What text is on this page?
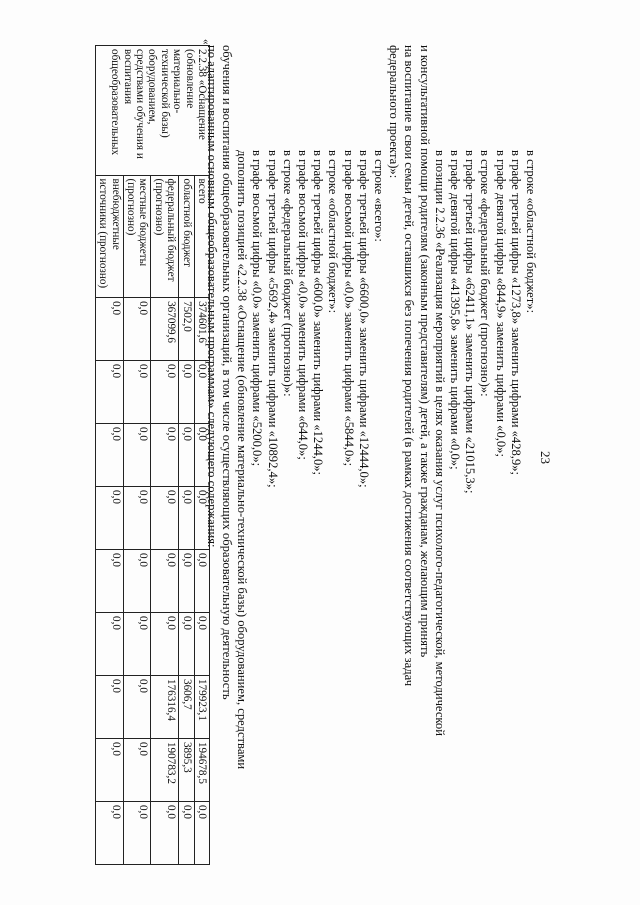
23
в строке «областной бюджет»:
в графе третьей цифры «1273,8» заменить цифрами «428,9»;
в графе девятой цифры «844,9» заменить цифрами «0,0»;
в строке «федеральный бюджет (прогнозно)»:
в графе третьей цифры «62411,1» заменить цифрами «21015,3»;
в графе девятой цифры «41395,8» заменить цифрами «0,0»;
в позиции 2.2.36 «Реализация мероприятий в целях оказания услуг психолого-педагогической, методической
и консультативной помощи родителям (законным представителям) детей, а также гражданам, желающим принять
на воспитание в свои семьи детей, оставшихся без попечения родителей (в рамках достижения соответствующих задач
федерального проекта)»:
в строке «всего»:
в графе третьей цифры «6600,0» заменить цифрами «12444,0»;
в графе восьмой цифры «0,0» заменить цифрами «5844,0»;
в строке «областной бюджет»:
в графе третьей цифры «600,0» заменить цифрами «1244,0»;
в графе восьмой цифры «0,0» заменить цифрами «644,0»;
в строке «федеральный бюджет (прогнозно)»:
в графе третьей цифры «5692,4» заменить цифрами «10892,4»;
в графе восьмой цифры «0,0» заменить цифрами «5200,0»;
дополнить позицией «2.2.38 «Оснащение (обновление материально-технической базы) оборудованием, средствами
обучения и воспитания общеобразовательных организаций, в том числе осуществляющих образовательную деятельность
по адаптированным основным общеобразовательным программам» следующего содержания:
«
2.2.38 «Оснащение (обновление материально-технической базы) оборудованием, средствами обучения и воспитания общеобразовательных	всего	374601,6	0,0	0,0	0,0	0,0	0,0	179923,1	194678,5	0,0
	областной бюджет	7502,0	0,0	0,0	0,0	0,0	0,0	3606,7	3895,3	0,0
	федеральный бюджет (прогнозно)	367099,6	0,0	0,0	0,0	0,0	0,0	176316,4	190783,2	0,0
	местные бюджеты (прогнозно)	0,0	0,0	0,0	0,0	0,0	0,0	0,0	0,0	0,0
	внебюджетные источники (прогнозно)	0,0	0,0	0,0	0,0	0,0	0,0	0,0	0,0	0,0
